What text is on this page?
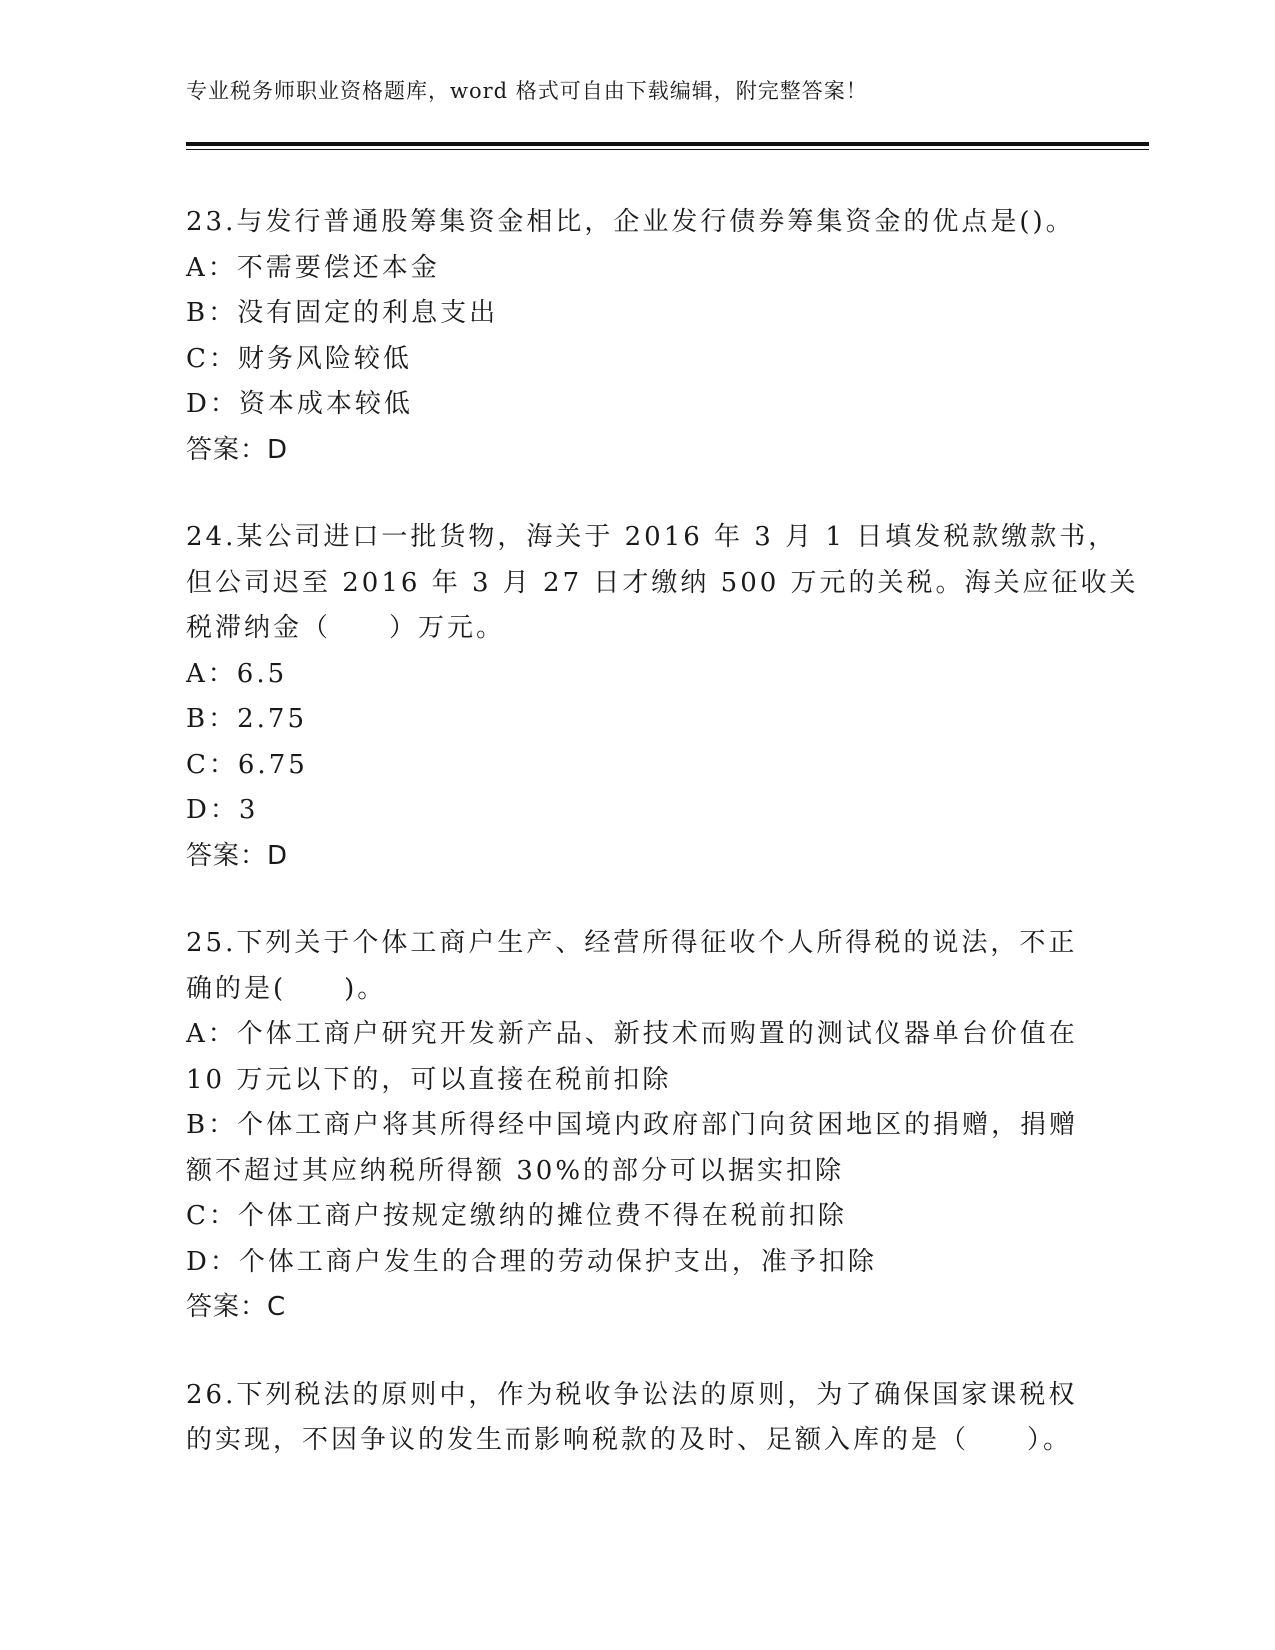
专业税务师职业资格题库，word 格式可自由下载编辑，附完整答案！
23.与发行普通股筹集资金相比，企业发行债券筹集资金的优点是()。
A：不需要偿还本金
B：没有固定的利息支出
C：财务风险较低
D：资本成本较低
答案：D
24.某公司进口一批货物，海关于 2016 年 3 月 1 日填发税款缴款书，
但公司迟至 2016 年 3 月 27 日才缴纳 500 万元的关税。海关应征收关
税滞纳金（　　）万元。
A：6.5
B：2.75
C：6.75
D：3
答案：D
25.下列关于个体工商户生产、经营所得征收个人所得税的说法，不正
确的是(　　)。
A：个体工商户研究开发新产品、新技术而购置的测试仪器单台价值在
10 万元以下的，可以直接在税前扣除
B：个体工商户将其所得经中国境内政府部门向贫困地区的捐赠，捐赠
额不超过其应纳税所得额 30%的部分可以据实扣除
C：个体工商户按规定缴纳的摊位费不得在税前扣除
D：个体工商户发生的合理的劳动保护支出，准予扣除
答案：C
26.下列税法的原则中，作为税收争讼法的原则，为了确保国家课税权
的实现，不因争议的发生而影响税款的及时、足额入库的是（　　）。
